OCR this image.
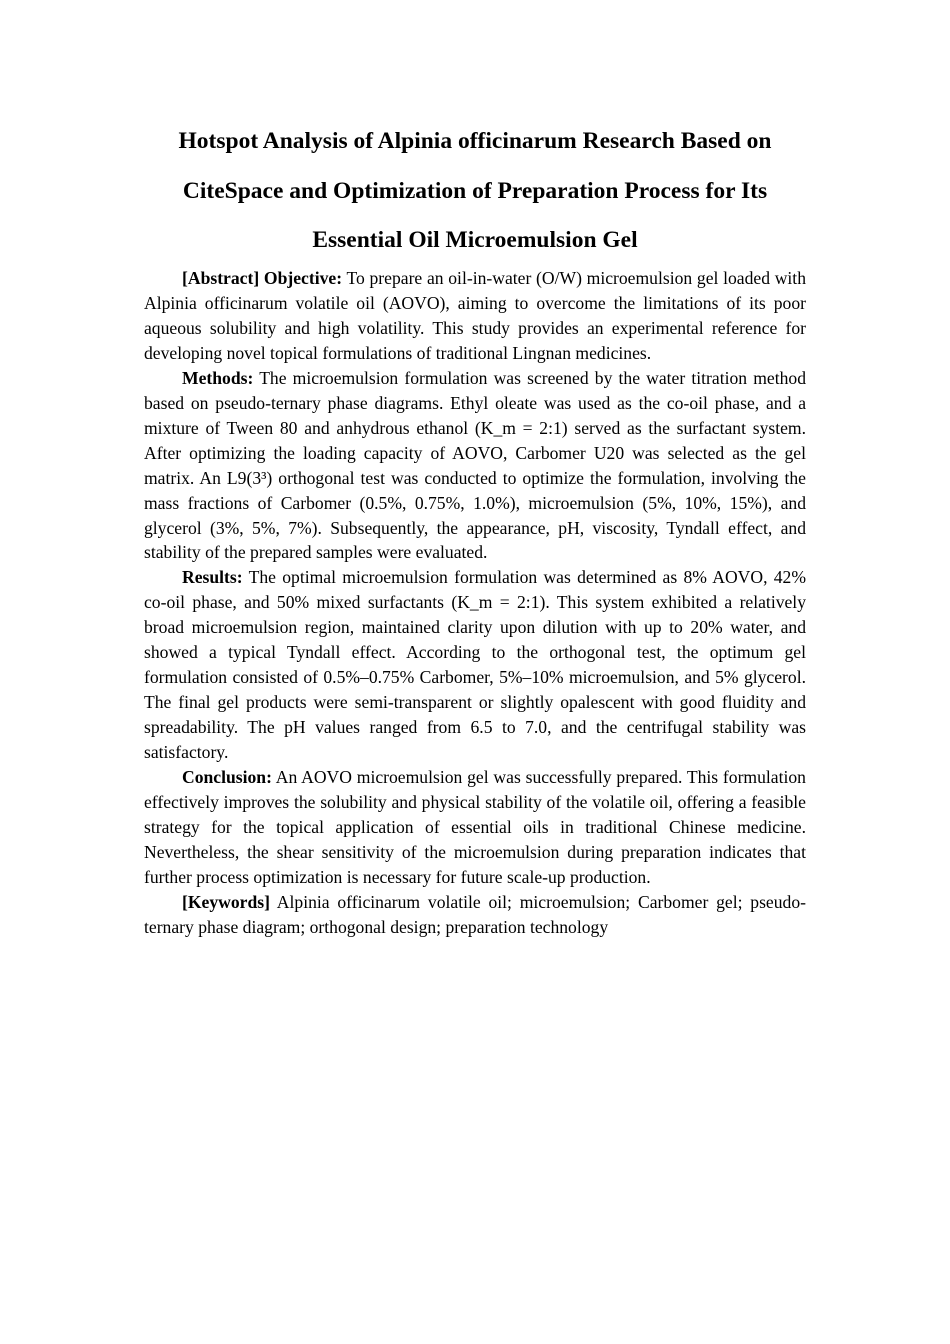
Hotspot Analysis of Alpinia officinarum Research Based on

CiteSpace and Optimization of Preparation Process for Its

Essential Oil Microemulsion Gel

[Abstract] Objective: To prepare an oil-in-water (O/W) microemulsion gel loaded with Alpinia officinarum volatile oil (AOVO), aiming to overcome the limitations of its poor aqueous solubility and high volatility. This study provides an experimental reference for developing novel topical formulations of traditional Lingnan medicines.

Methods: The microemulsion formulation was screened by the water titration method based on pseudo-ternary phase diagrams. Ethyl oleate was used as the co-oil phase, and a mixture of Tween 80 and anhydrous ethanol (K_m = 2:1) served as the surfactant system. After optimizing the loading capacity of AOVO, Carbomer U20 was selected as the gel matrix. An L9(3³) orthogonal test was conducted to optimize the formulation, involving the mass fractions of Carbomer (0.5%, 0.75%, 1.0%), microemulsion (5%, 10%, 15%), and glycerol (3%, 5%, 7%). Subsequently, the appearance, pH, viscosity, Tyndall effect, and stability of the prepared samples were evaluated.

Results: The optimal microemulsion formulation was determined as 8% AOVO, 42% co-oil phase, and 50% mixed surfactants (K_m = 2:1). This system exhibited a relatively broad microemulsion region, maintained clarity upon dilution with up to 20% water, and showed a typical Tyndall effect. According to the orthogonal test, the optimum gel formulation consisted of 0.5%–0.75% Carbomer, 5%–10% microemulsion, and 5% glycerol. The final gel products were semi-transparent or slightly opalescent with good fluidity and spreadability. The pH values ranged from 6.5 to 7.0, and the centrifugal stability was satisfactory.

Conclusion: An AOVO microemulsion gel was successfully prepared. This formulation effectively improves the solubility and physical stability of the volatile oil, offering a feasible strategy for the topical application of essential oils in traditional Chinese medicine. Nevertheless, the shear sensitivity of the microemulsion during preparation indicates that further process optimization is necessary for future scale-up production.

[Keywords] Alpinia officinarum volatile oil; microemulsion; Carbomer gel; pseudo-ternary phase diagram; orthogonal design; preparation technology
